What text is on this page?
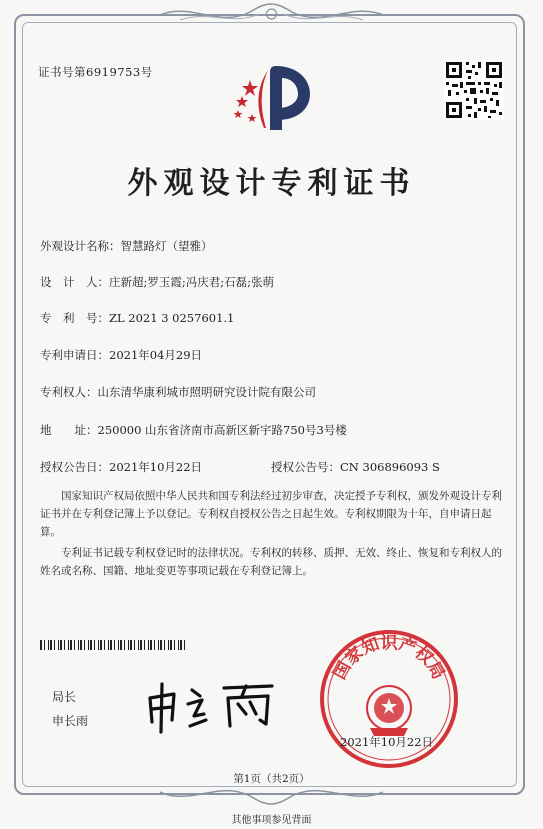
证书号第6919753号
外观设计专利证书
外观设计名称：智慧路灯（望雅）
设　计　人：庄新超;罗玉霞;冯庆君;石磊;张萌
专　利　号：ZL 2021 3 0257601.1
专利申请日：2021年04月29日
专利权人：山东清华康利城市照明研究设计院有限公司
地　　址：250000 山东省济南市高新区新宇路750号3号楼
授权公告日：2021年10月22日	授权公告号：CN 306896093 S

国家知识产权局依照中华人民共和国专利法经过初步审查，决定授予专利权，颁发外观设计专利证书并在专利登记簿上予以登记。专利权自授权公告之日起生效。专利权期限为十年，自申请日起算。

专利证书记载专利权登记时的法律状况。专利权的转移、质押、无效、终止、恢复和专利权人的姓名或名称、国籍、地址变更等事项记载在专利登记簿上。

局长
申长雨
国家知识产权局
2021年10月22日
第1页（共2页）
其他事项参见背面
